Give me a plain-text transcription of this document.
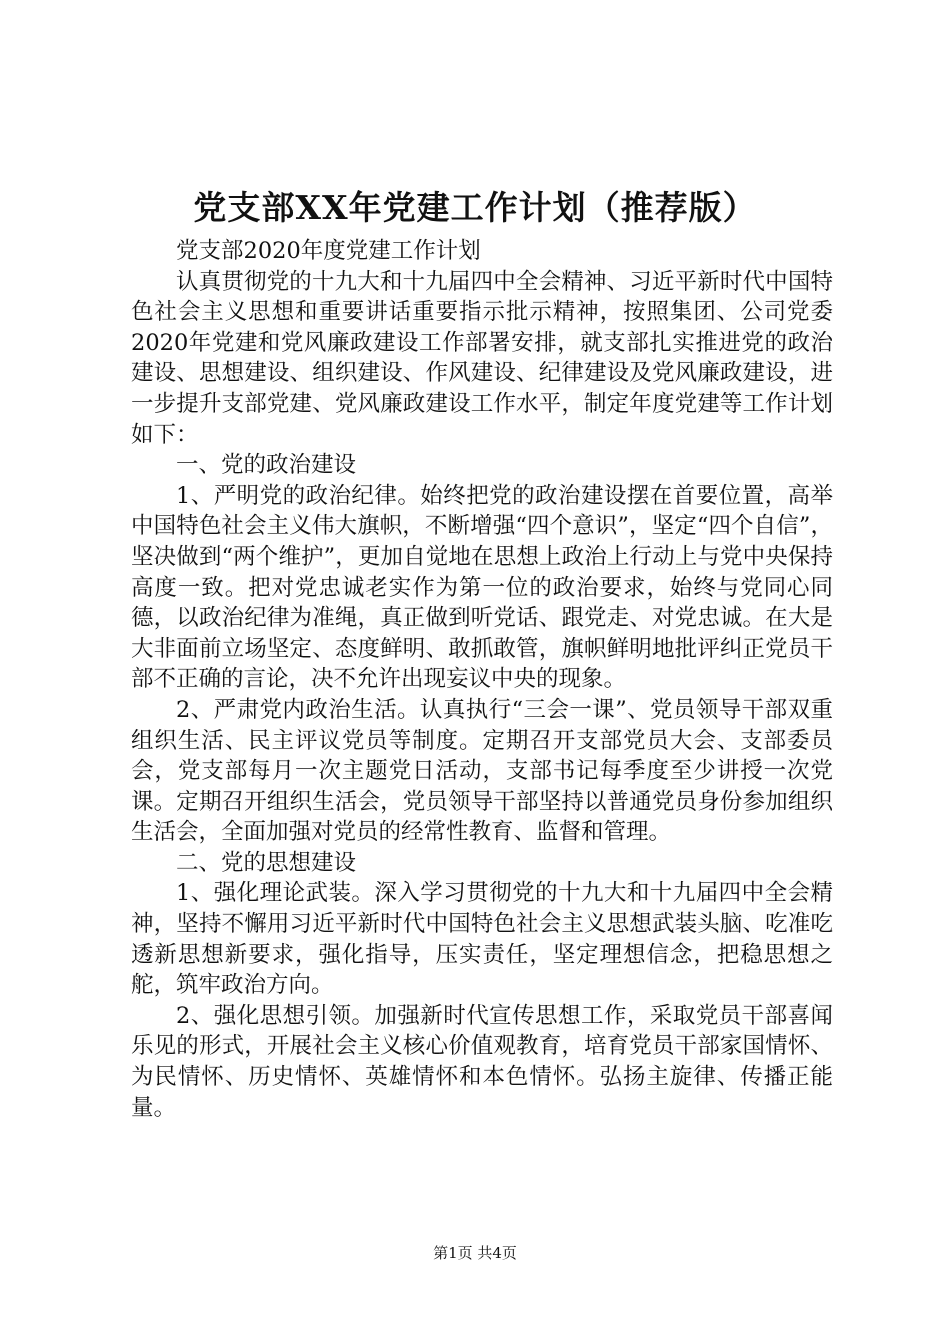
党支部XX年党建工作计划（推荐版）

党支部2020年度党建工作计划

认真贯彻党的十九大和十九届四中全会精神、习近平新时代中国特色社会主义思想和重要讲话重要指示批示精神，按照集团、公司党委2020年党建和党风廉政建设工作部署安排，就支部扎实推进党的政治建设、思想建设、组织建设、作风建设、纪律建设及党风廉政建设，进一步提升支部党建、党风廉政建设工作水平，制定年度党建等工作计划如下：

一、党的政治建设

1、严明党的政治纪律。始终把党的政治建设摆在首要位置，高举中国特色社会主义伟大旗帜，不断增强“四个意识”，坚定“四个自信”，坚决做到“两个维护”，更加自觉地在思想上政治上行动上与党中央保持高度一致。把对党忠诚老实作为第一位的政治要求，始终与党同心同德，以政治纪律为准绳，真正做到听党话、跟党走、对党忠诚。在大是大非面前立场坚定、态度鲜明、敢抓敢管，旗帜鲜明地批评纠正党员干部不正确的言论，决不允许出现妄议中央的现象。

2、严肃党内政治生活。认真执行“三会一课”、党员领导干部双重组织生活、民主评议党员等制度。定期召开支部党员大会、支部委员会，党支部每月一次主题党日活动，支部书记每季度至少讲授一次党课。定期召开组织生活会，党员领导干部坚持以普通党员身份参加组织生活会，全面加强对党员的经常性教育、监督和管理。

二、党的思想建设

1、强化理论武装。深入学习贯彻党的十九大和十九届四中全会精神，坚持不懈用习近平新时代中国特色社会主义思想武装头脑、吃准吃透新思想新要求，强化指导，压实责任，坚定理想信念，把稳思想之舵，筑牢政治方向。

2、强化思想引领。加强新时代宣传思想工作，采取党员干部喜闻乐见的形式，开展社会主义核心价值观教育，培育党员干部家国情怀、为民情怀、历史情怀、英雄情怀和本色情怀。弘扬主旋律、传播正能量。

第1页 共4页
